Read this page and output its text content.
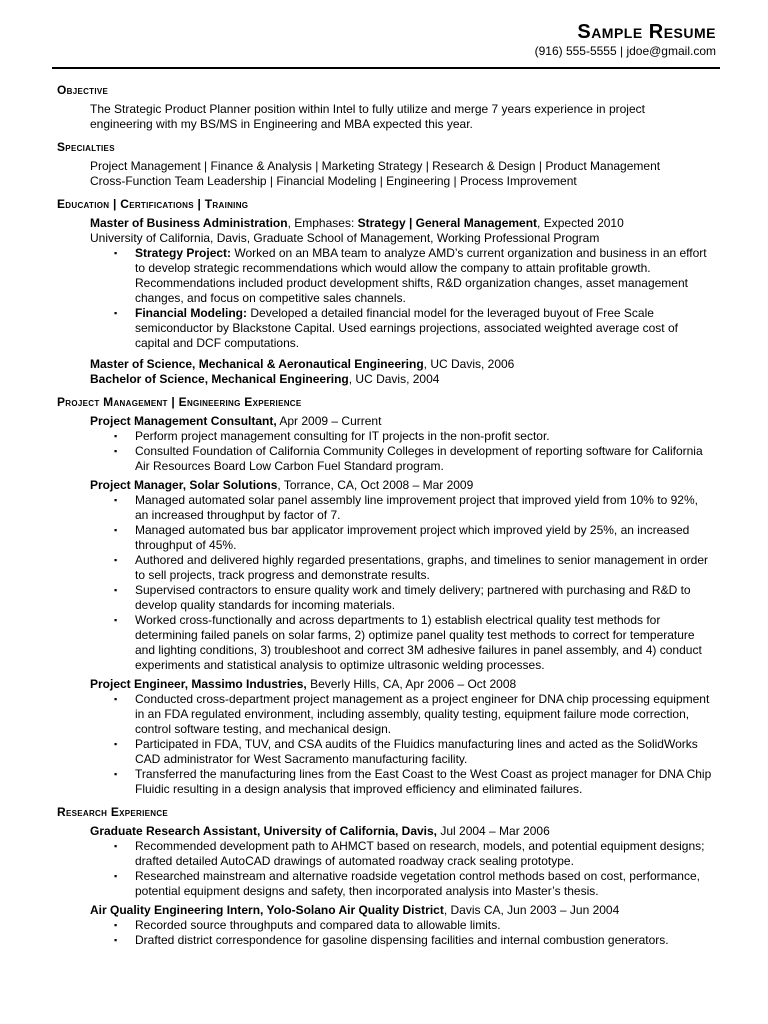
Sample Resume
(916) 555-5555 | jdoe@gmail.com
Objective
The Strategic Product Planner position within Intel to fully utilize and merge 7 years experience in project engineering with my BS/MS in Engineering and MBA expected this year.
Specialties
Project Management | Finance & Analysis | Marketing Strategy | Research & Design | Product Management
Cross-Function Team Leadership | Financial Modeling | Engineering | Process Improvement
Education | Certifications | Training
Master of Business Administration, Emphases: Strategy | General Management, Expected 2010
University of California, Davis, Graduate School of Management, Working Professional Program
▪ Strategy Project: Worked on an MBA team to analyze AMD’s current organization and business in an effort to develop strategic recommendations which would allow the company to attain profitable growth. Recommendations included product development shifts, R&D organization changes, asset management changes, and focus on competitive sales channels.
▪ Financial Modeling: Developed a detailed financial model for the leveraged buyout of Free Scale semiconductor by Blackstone Capital. Used earnings projections, associated weighted average cost of capital and DCF computations.
Master of Science, Mechanical & Aeronautical Engineering, UC Davis, 2006
Bachelor of Science, Mechanical Engineering, UC Davis, 2004
Project Management | Engineering Experience
Project Management Consultant, Apr 2009 – Current
▪ Perform project management consulting for IT projects in the non-profit sector.
▪ Consulted Foundation of California Community Colleges in development of reporting software for California Air Resources Board Low Carbon Fuel Standard program.
Project Manager, Solar Solutions, Torrance, CA, Oct 2008 – Mar 2009
▪ Managed automated solar panel assembly line improvement project that improved yield from 10% to 92%, an increased throughput by factor of 7.
▪ Managed automated bus bar applicator improvement project which improved yield by 25%, an increased throughput of 45%.
▪ Authored and delivered highly regarded presentations, graphs, and timelines to senior management in order to sell projects, track progress and demonstrate results.
▪ Supervised contractors to ensure quality work and timely delivery; partnered with purchasing and R&D to develop quality standards for incoming materials.
▪ Worked cross-functionally and across departments to 1) establish electrical quality test methods for determining failed panels on solar farms, 2) optimize panel quality test methods to correct for temperature and lighting conditions, 3) troubleshoot and correct 3M adhesive failures in panel assembly, and 4) conduct experiments and statistical analysis to optimize ultrasonic welding processes.
Project Engineer, Massimo Industries, Beverly Hills, CA, Apr 2006 – Oct 2008
▪ Conducted cross-department project management as a project engineer for DNA chip processing equipment in an FDA regulated environment, including assembly, quality testing, equipment failure mode correction, control software testing, and mechanical design.
▪ Participated in FDA, TUV, and CSA audits of the Fluidics manufacturing lines and acted as the SolidWorks CAD administrator for West Sacramento manufacturing facility.
▪ Transferred the manufacturing lines from the East Coast to the West Coast as project manager for DNA Chip Fluidic resulting in a design analysis that improved efficiency and eliminated failures.
Research Experience
Graduate Research Assistant, University of California, Davis, Jul 2004 – Mar 2006
▪ Recommended development path to AHMCT based on research, models, and potential equipment designs; drafted detailed AutoCAD drawings of automated roadway crack sealing prototype.
▪ Researched mainstream and alternative roadside vegetation control methods based on cost, performance, potential equipment designs and safety, then incorporated analysis into Master’s thesis.
Air Quality Engineering Intern, Yolo-Solano Air Quality District, Davis CA, Jun 2003 – Jun 2004
▪ Recorded source throughputs and compared data to allowable limits.
▪ Drafted district correspondence for gasoline dispensing facilities and internal combustion generators.
